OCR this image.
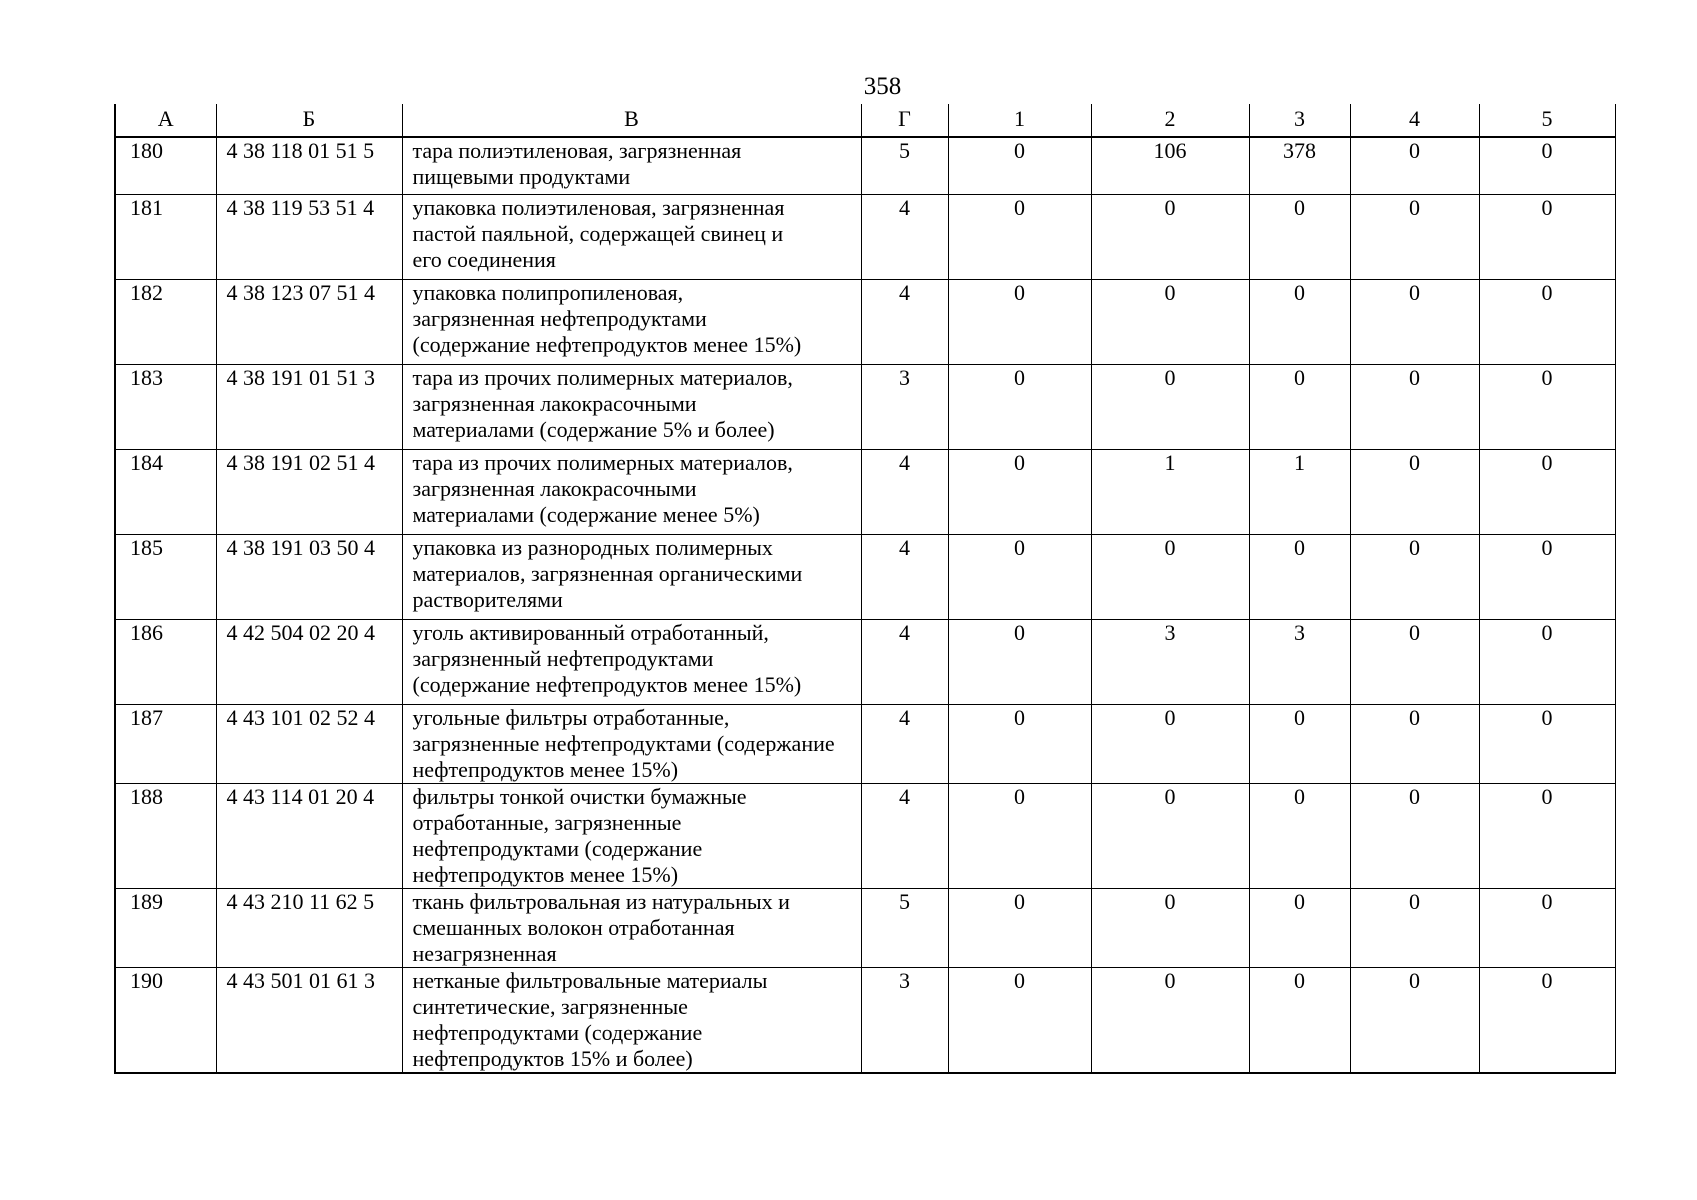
358
А	Б	В	Г	1	2	3	4	5
180	4 38 118 01 51 5	тара полиэтиленовая, загрязненная
пищевыми продуктами	5	0	106	378	0	0
181	4 38 119 53 51 4	упаковка полиэтиленовая, загрязненная
пастой паяльной, содержащей свинец и
его соединения	4	0	0	0	0	0
182	4 38 123 07 51 4	упаковка полипропиленовая,
загрязненная нефтепродуктами
(содержание нефтепродуктов менее 15%)	4	0	0	0	0	0
183	4 38 191 01 51 3	тара из прочих полимерных материалов,
загрязненная лакокрасочными
материалами (содержание 5% и более)	3	0	0	0	0	0
184	4 38 191 02 51 4	тара из прочих полимерных материалов,
загрязненная лакокрасочными
материалами (содержание менее 5%)	4	0	1	1	0	0
185	4 38 191 03 50 4	упаковка из разнородных полимерных
материалов, загрязненная органическими
растворителями	4	0	0	0	0	0
186	4 42 504 02 20 4	уголь активированный отработанный,
загрязненный нефтепродуктами
(содержание нефтепродуктов менее 15%)	4	0	3	3	0	0
187	4 43 101 02 52 4	угольные фильтры отработанные,
загрязненные нефтепродуктами (содержание
нефтепродуктов менее 15%)	4	0	0	0	0	0
188	4 43 114 01 20 4	фильтры тонкой очистки бумажные
отработанные, загрязненные
нефтепродуктами (содержание
нефтепродуктов менее 15%)	4	0	0	0	0	0
189	4 43 210 11 62 5	ткань фильтровальная из натуральных и
смешанных волокон отработанная
незагрязненная	5	0	0	0	0	0
190	4 43 501 01 61 3	нетканые фильтровальные материалы
синтетические, загрязненные
нефтепродуктами (содержание
нефтепродуктов 15% и более)	3	0	0	0	0	0
